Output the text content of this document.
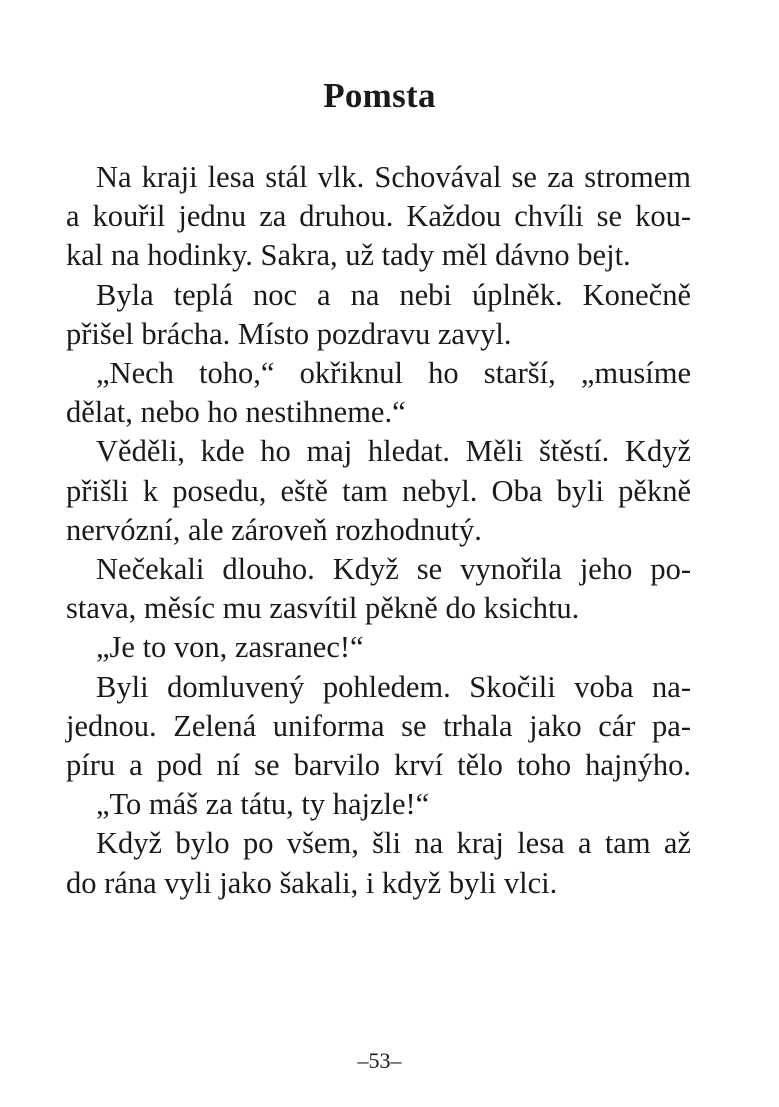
Pomsta
Na kraji lesa stál vlk. Schovával se za stromem
a kouřil jednu za druhou. Každou chvíli se kou-
kal na hodinky. Sakra, už tady měl dávno bejt.
Byla teplá noc a na nebi úplněk. Konečně
přišel brácha. Místo pozdravu zavyl.
„Nech toho,“ okřiknul ho starší, „musíme
dělat, nebo ho nestihneme.“
Věděli, kde ho maj hledat. Měli štěstí. Když
přišli k posedu, eště tam nebyl. Oba byli pěkně
nervózní, ale zároveň rozhodnutý.
Nečekali dlouho. Když se vynořila jeho po-
stava, měsíc mu zasvítil pěkně do ksichtu.
„Je to von, zasranec!“
Byli domluvený pohledem. Skočili voba na-
jednou. Zelená uniforma se trhala jako cár pa-
píru a pod ní se barvilo krví tělo toho hajnýho.
„To máš za tátu, ty hajzle!“
Když bylo po všem, šli na kraj lesa a tam až
do rána vyli jako šakali, i když byli vlci.
–53–
